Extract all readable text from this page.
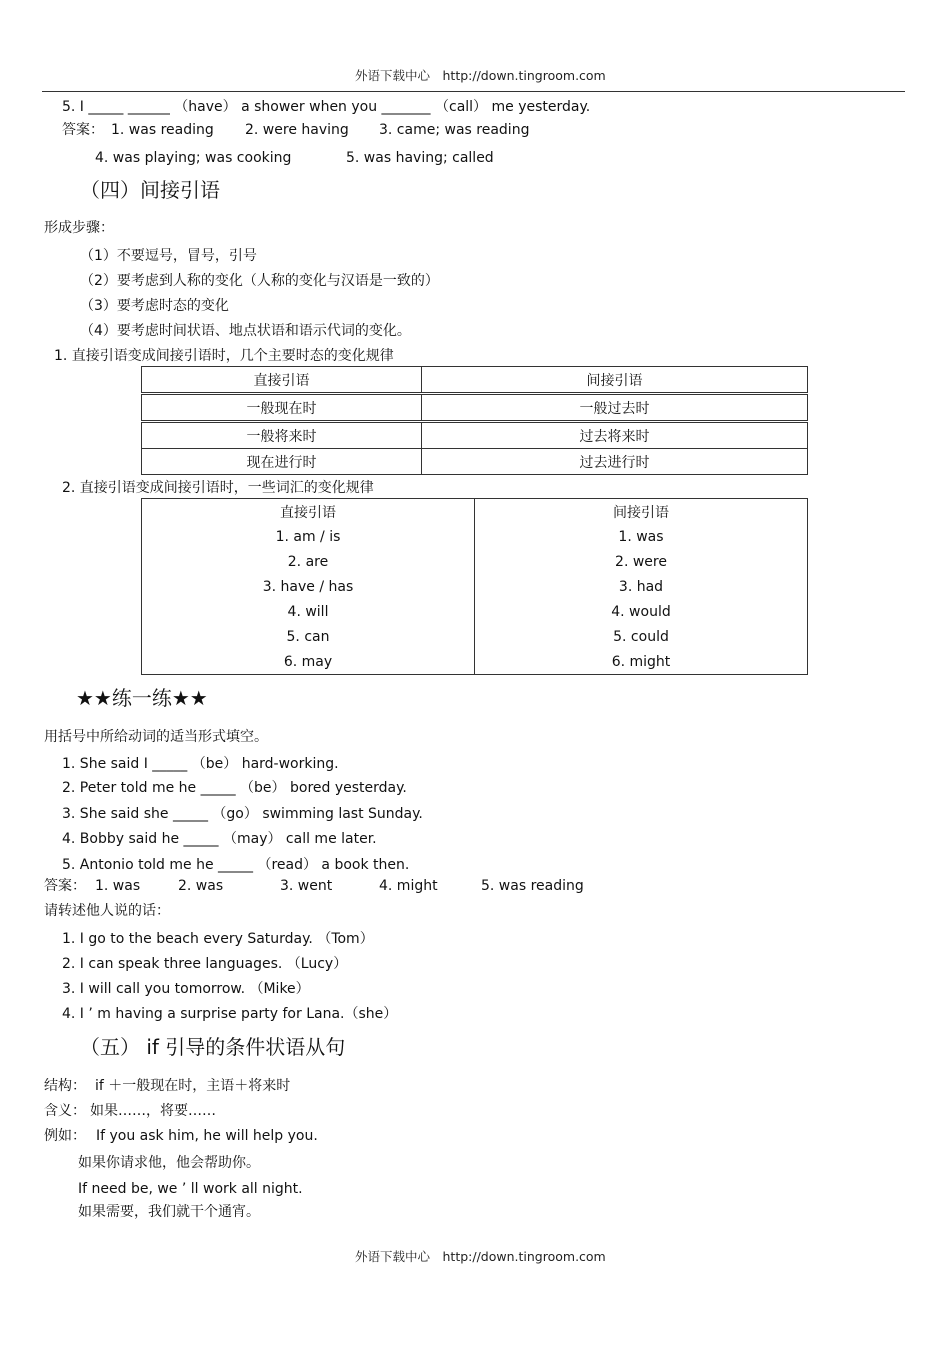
外语下载中心　http://down.tingroom.com
5. I _____ ______ （have） a shower when you _______ （call） me yesterday.
答案： 1. was reading 2. were having 3. came; was reading
4. was playing; was cooking	5. was having; called
（四）间接引语
形成步骤：
（1）不要逗号，冒号，引号
（2）要考虑到人称的变化（人称的变化与汉语是一致的）
（3）要考虑时态的变化
（4）要考虑时间状语、地点状语和语示代词的变化。
1. 直接引语变成间接引语时，几个主要时态的变化规律
直接引语	间接引语
一般现在时	一般过去时
一般将来时	过去将来时
现在进行时	过去进行时
2. 直接引语变成间接引语时，一些词汇的变化规律
直接引语	间接引语
1. am / is	1. was
2. are	2. were
3. have / has	3. had
4. will	4. would
5. can	5. could
6. may	6. might
★★练一练★★
用括号中所给动词的适当形式填空。
1. She said I _____ （be） hard-working.
2. Peter told me he _____ （be） bored yesterday.
3. She said she _____ （go） swimming last Sunday.
4. Bobby said he _____ （may） call me later.
5. Antonio told me he _____ （read） a book then.
答案： 1. was	2. was	3. went	4. might	5. was reading
请转述他人说的话：
1. I go to the beach every Saturday. （Tom）
2. I can speak three languages. （Lucy）
3. I will call you tomorrow. （Mike）
4. I ’ m having a surprise party for Lana.（she）
（五） if 引导的条件状语从句
结构： if ＋一般现在时，主语＋将来时
含义： 如果……，将要……
例如： If you ask him, he will help you.
如果你请求他，他会帮助你。
If need be, we ’ ll work all night.
如果需要，我们就干个通宵。
外语下载中心　http://down.tingroom.com
